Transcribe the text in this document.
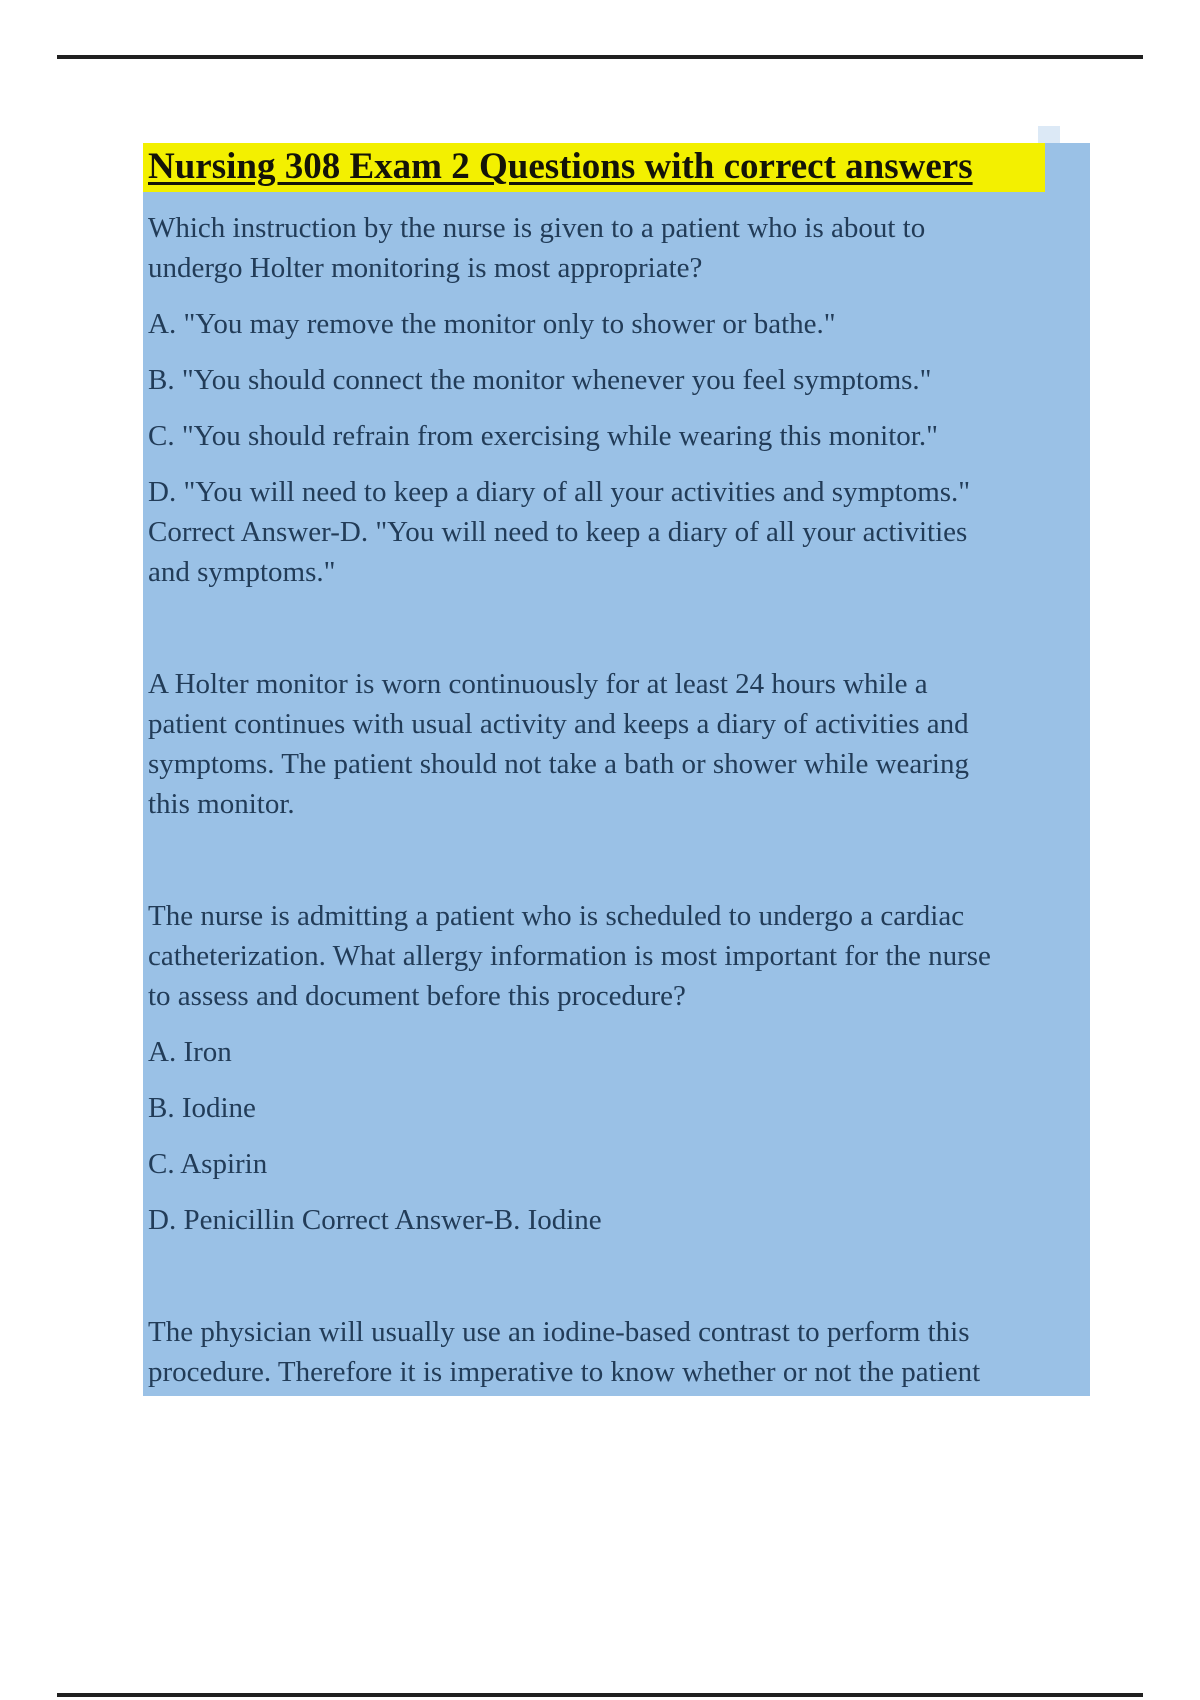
Nursing 308 Exam 2 Questions with correct answers
Which instruction by the nurse is given to a patient who is about to
undergo Holter monitoring is most appropriate?
A. "You may remove the monitor only to shower or bathe."
B. "You should connect the monitor whenever you feel symptoms."
C. "You should refrain from exercising while wearing this monitor."
D. "You will need to keep a diary of all your activities and symptoms."
Correct Answer-D. "You will need to keep a diary of all your activities
and symptoms."

A Holter monitor is worn continuously for at least 24 hours while a
patient continues with usual activity and keeps a diary of activities and
symptoms. The patient should not take a bath or shower while wearing
this monitor.

The nurse is admitting a patient who is scheduled to undergo a cardiac
catheterization. What allergy information is most important for the nurse
to assess and document before this procedure?
A. Iron
B. Iodine
C. Aspirin
D. Penicillin Correct Answer-B. Iodine

The physician will usually use an iodine-based contrast to perform this
procedure. Therefore it is imperative to know whether or not the patient
